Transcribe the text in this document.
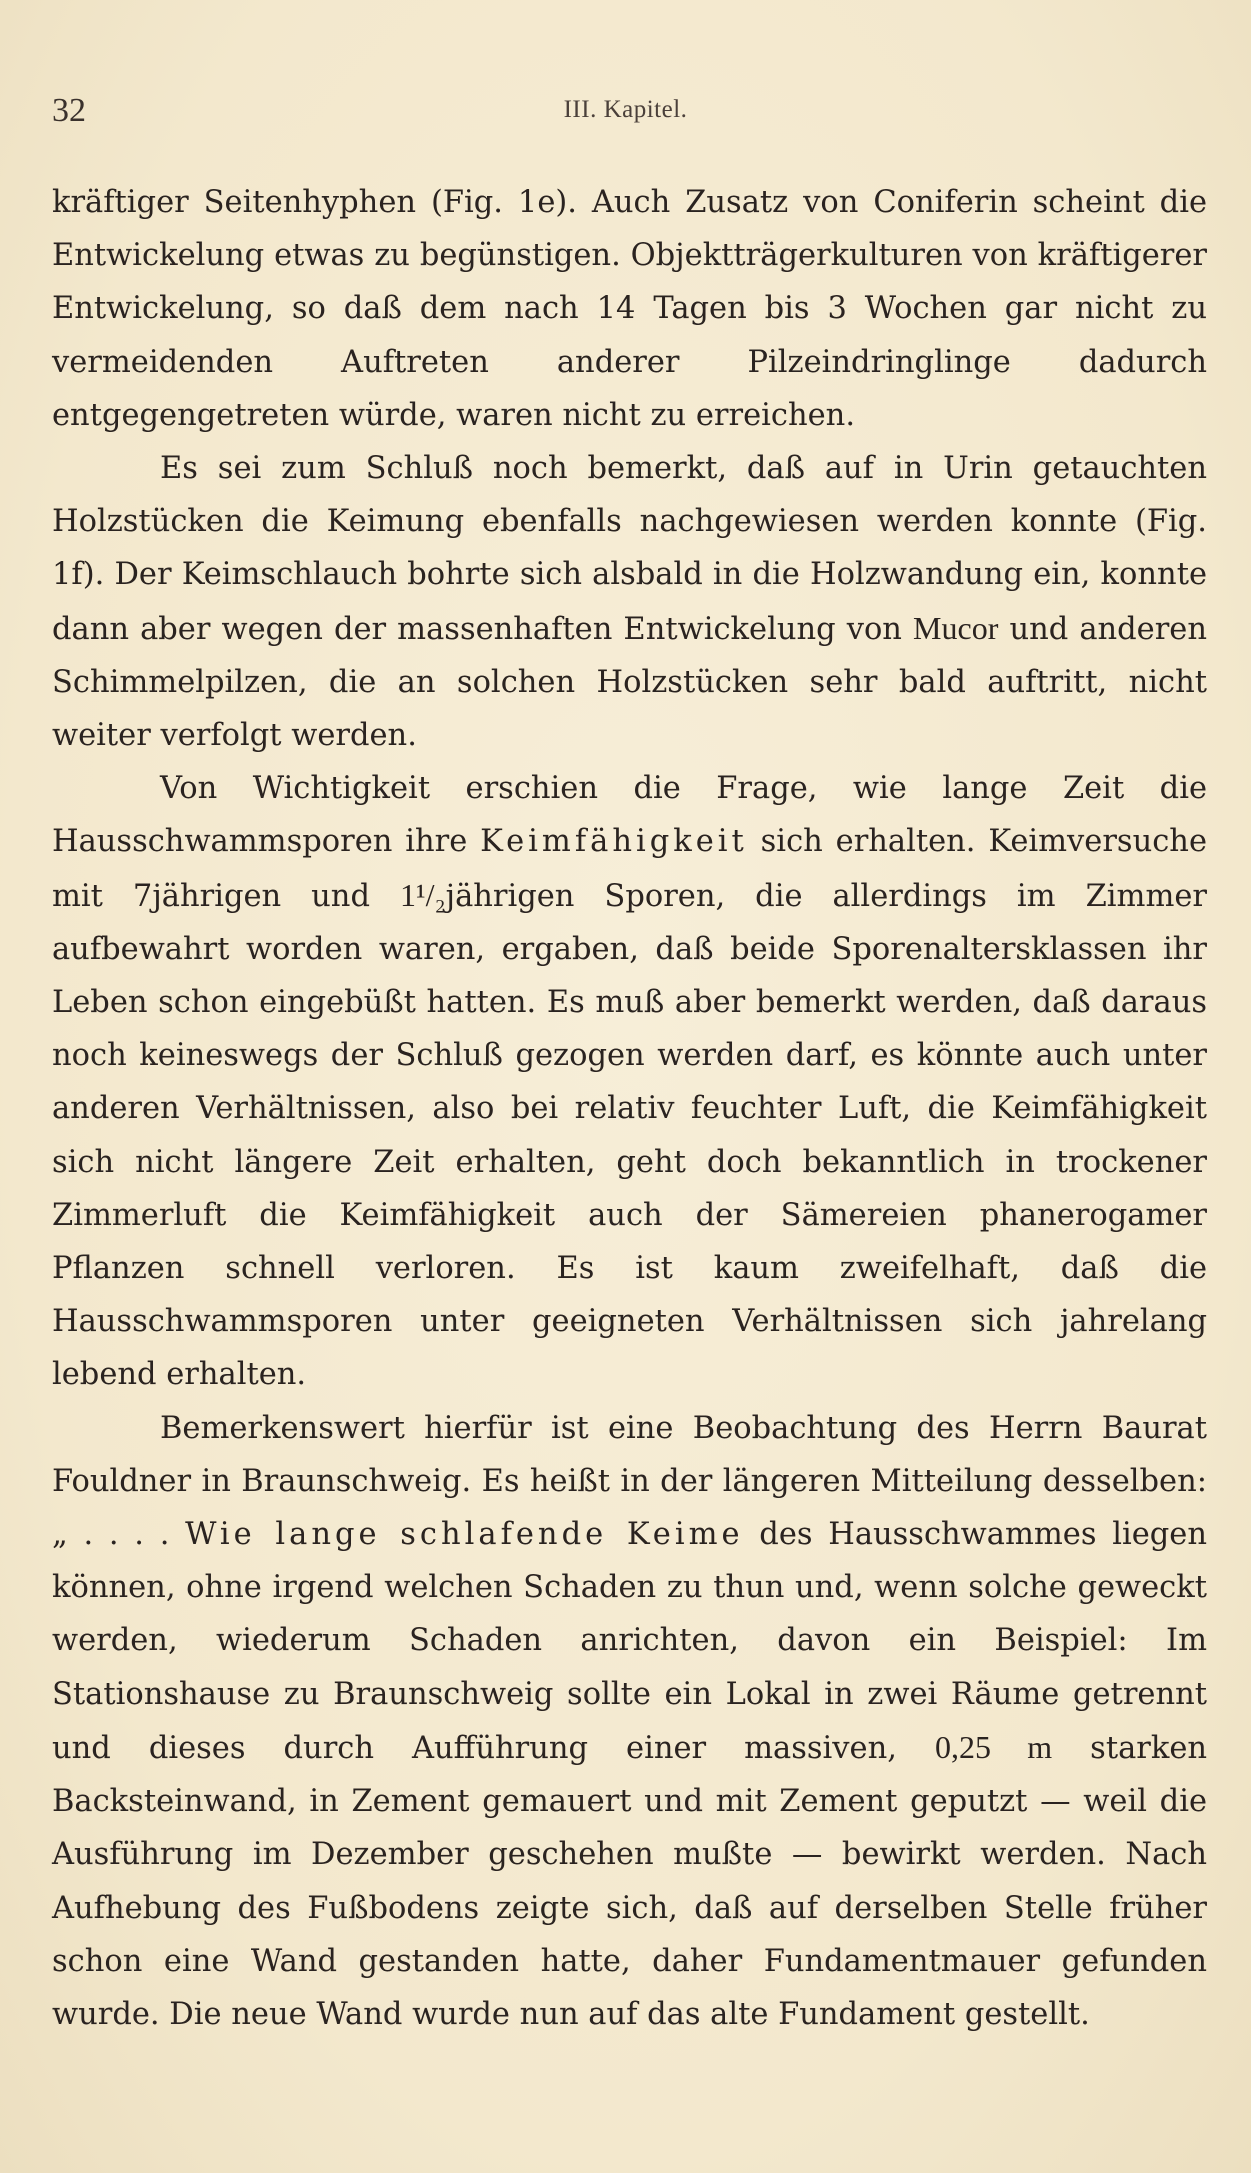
32	III. Kapitel.

kräftiger Seitenhyphen (Fig. 1e). Auch Zusatz von Coniferin scheint die Entwickelung etwas zu begünstigen. Objektträgerkulturen von kräftigerer Entwickelung, so daß dem nach 14 Tagen bis 3 Wochen gar nicht zu vermeidenden Auftreten anderer Pilzeindringlinge dadurch entgegengetreten würde, waren nicht zu erreichen.

Es sei zum Schluß noch bemerkt, daß auf in Urin getauchten Holzstücken die Keimung ebenfalls nachgewiesen werden konnte (Fig. 1f). Der Keimschlauch bohrte sich alsbald in die Holzwandung ein, konnte dann aber wegen der massenhaften Entwickelung von Mucor und anderen Schimmelpilzen, die an solchen Holzstücken sehr bald auftritt, nicht weiter verfolgt werden.

Von Wichtigkeit erschien die Frage, wie lange Zeit die Hausschwammsporen ihre Keimfähigkeit sich erhalten. Keimversuche mit 7jährigen und 1¹/₂jährigen Sporen, die allerdings im Zimmer aufbewahrt worden waren, ergaben, daß beide Sporenaltersklassen ihr Leben schon eingebüßt hatten. Es muß aber bemerkt werden, daß daraus noch keineswegs der Schluß gezogen werden darf, es könnte auch unter anderen Verhältnissen, also bei relativ feuchter Luft, die Keimfähigkeit sich nicht längere Zeit erhalten, geht doch bekanntlich in trockener Zimmerluft die Keimfähigkeit auch der Sämereien phanerogamer Pflanzen schnell verloren. Es ist kaum zweifelhaft, daß die Hausschwammsporen unter geeigneten Verhältnissen sich jahrelang lebend erhalten.

Bemerkenswert hierfür ist eine Beobachtung des Herrn Baurat Fouldner in Braunschweig. Es heißt in der längeren Mitteilung desselben: „ . . . . Wie lange schlafende Keime des Hausschwammes liegen können, ohne irgend welchen Schaden zu thun und, wenn solche geweckt werden, wiederum Schaden anrichten, davon ein Beispiel: Im Stationshause zu Braunschweig sollte ein Lokal in zwei Räume getrennt und dieses durch Aufführung einer massiven, 0,25 m starken Backsteinwand, in Zement gemauert und mit Zement geputzt — weil die Ausführung im Dezember geschehen mußte — bewirkt werden. Nach Aufhebung des Fußbodens zeigte sich, daß auf derselben Stelle früher schon eine Wand gestanden hatte, daher Fundamentmauer gefunden wurde. Die neue Wand wurde nun auf das alte Fundament gestellt.
